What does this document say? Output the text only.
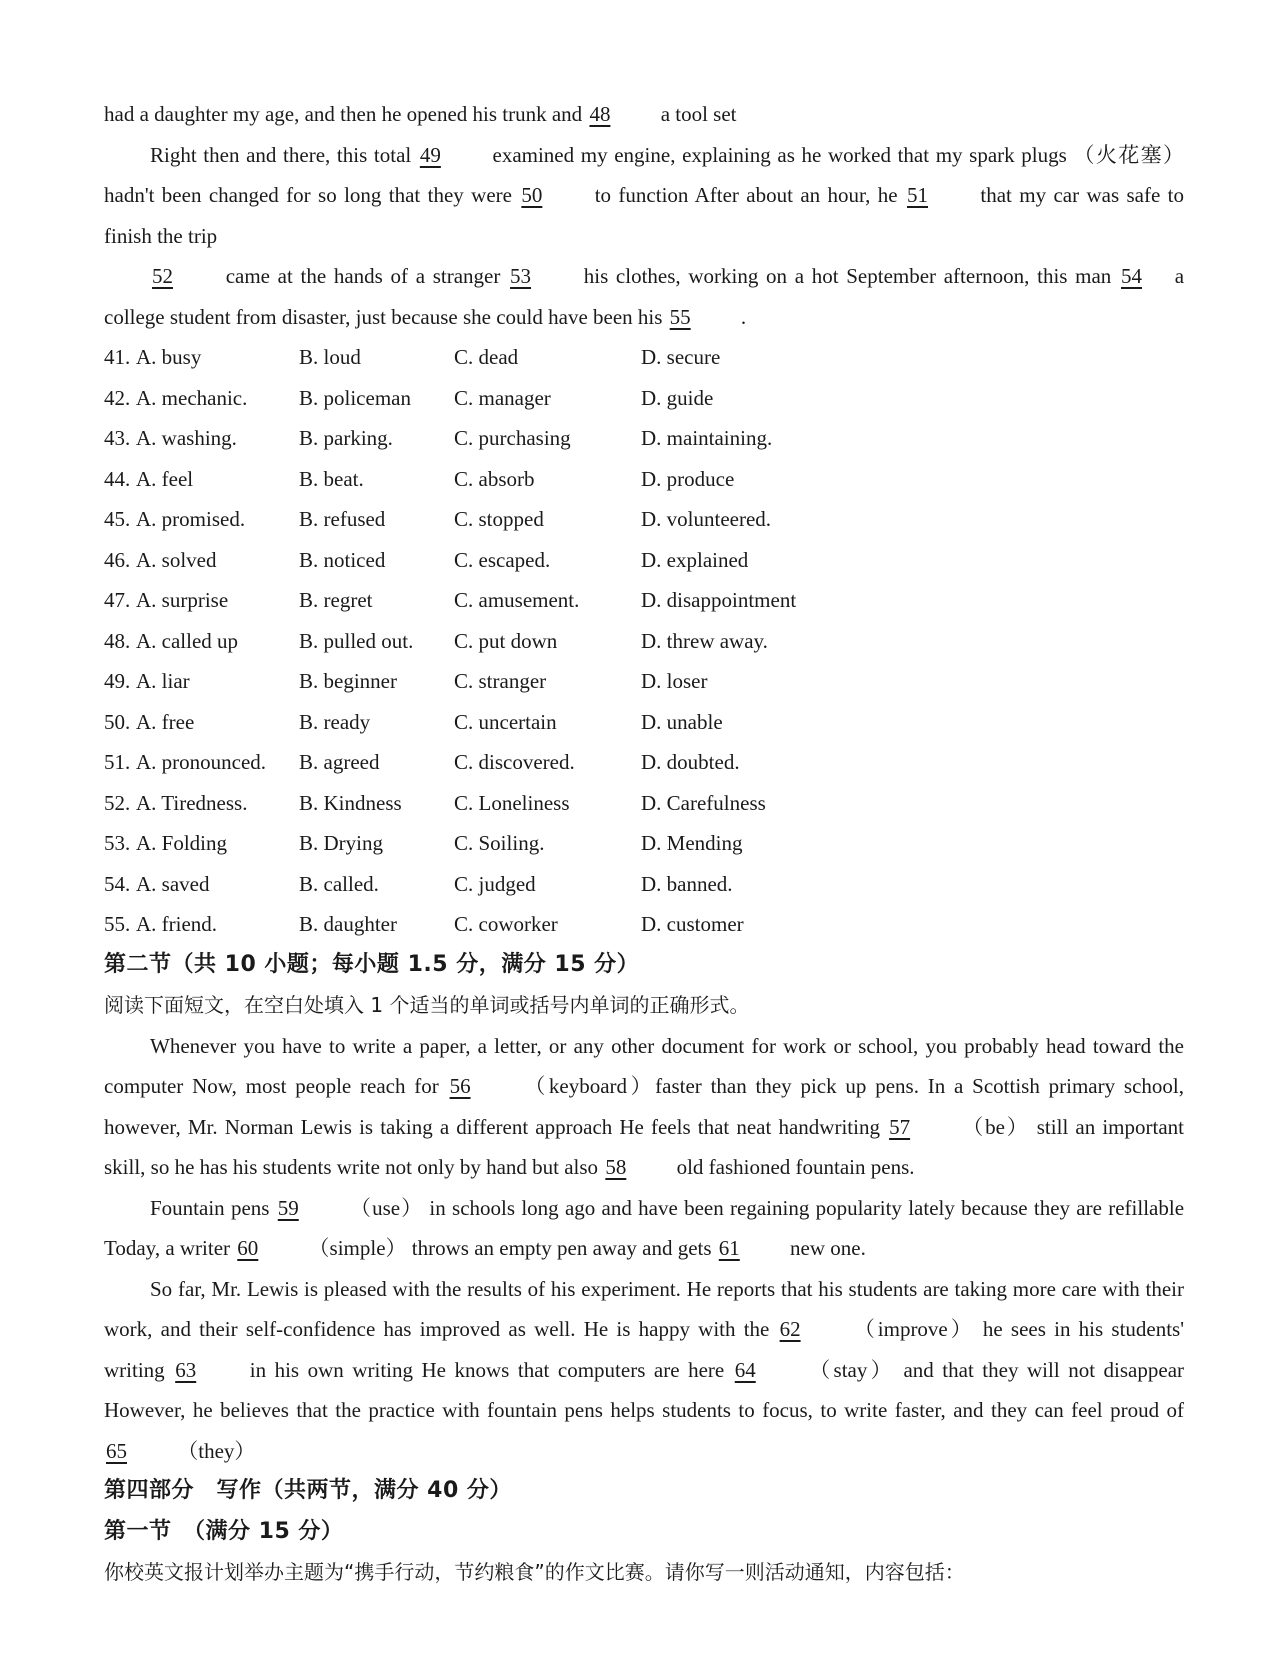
had a daughter my age, and then he opened his trunk and 48 a tool set

Right then and there, this total 49 examined my engine, explaining as he worked that my spark plugs （火花塞） hadn't been changed for so long that they were 50 to function After about an hour, he 51 that my car was safe to finish the trip

52	came at the hands of a stranger 53	his clothes, working on a hot September afternoon, this man 54 a college student from disaster, just because she could have been his 55 .

41. A. busy	B. loud	C. dead	D. secure
42. A. mechanic. B. policeman C. manager	D. guide
43. A. washing.	B. parking.	C. purchasing	D. maintaining.
44. A. feel	B. beat.	C. absorb	D. produce
45. A. promised.	B. refused	C. stopped	D. volunteered.
46. A. solved	B. noticed	C. escaped.	D. explained
47. A. surprise	B. regret	C. amusement.	D. disappointment
48. A. called up	B. pulled out. C. put down	D. threw away.
49. A. liar	B. beginner	C. stranger	D. loser
50. A. free	B. ready	C. uncertain	D. unable
51. A. pronounced. B. agreed	C. discovered.	D. doubted.
52. A. Tiredness. B. Kindness C. Loneliness	D. Carefulness
53. A. Folding	B. Drying	C. Soiling.	D. Mending
54. A. saved	B. called.	C. judged	D. banned.
55. A. friend.	B. daughter	C. coworker	D. customer

第二节（共 10 小题；每小题 1.5 分，满分 15 分）

阅读下面短文，在空白处填入 1 个适当的单词或括号内单词的正确形式。

Whenever you have to write a paper, a letter, or any other document for work or school, you probably head toward the computer Now, most people reach for 56	（keyboard）faster than they pick up pens. In a Scottish primary school, however, Mr. Norman Lewis is taking a different approach He feels that neat handwriting 57 （be） still an important skill, so he has his students write not only by hand but also 58 old fashioned fountain pens.

Fountain pens 59 （use） in schools long ago and have been regaining popularity lately because they are refillable Today, a writer 60 （simple） throws an empty pen away and gets 61 new one.

So far, Mr. Lewis is pleased with the results of his experiment. He reports that his students are taking more care with their work, and their self-confidence has improved as well. He is happy with the 62	（improve） he sees in his students' writing 63	in his own writing He knows that computers are here 64	（stay） and that they will not disappear However, he believes that the practice with fountain pens helps students to focus, to write faster, and they can feel proud of 65 （they）

第四部分　写作（共两节，满分 40 分）

第一节　（满分 15 分）

你校英文报计划举办主题为“携手行动，节约粮食”的作文比赛。请你写一则活动通知，内容包括：
